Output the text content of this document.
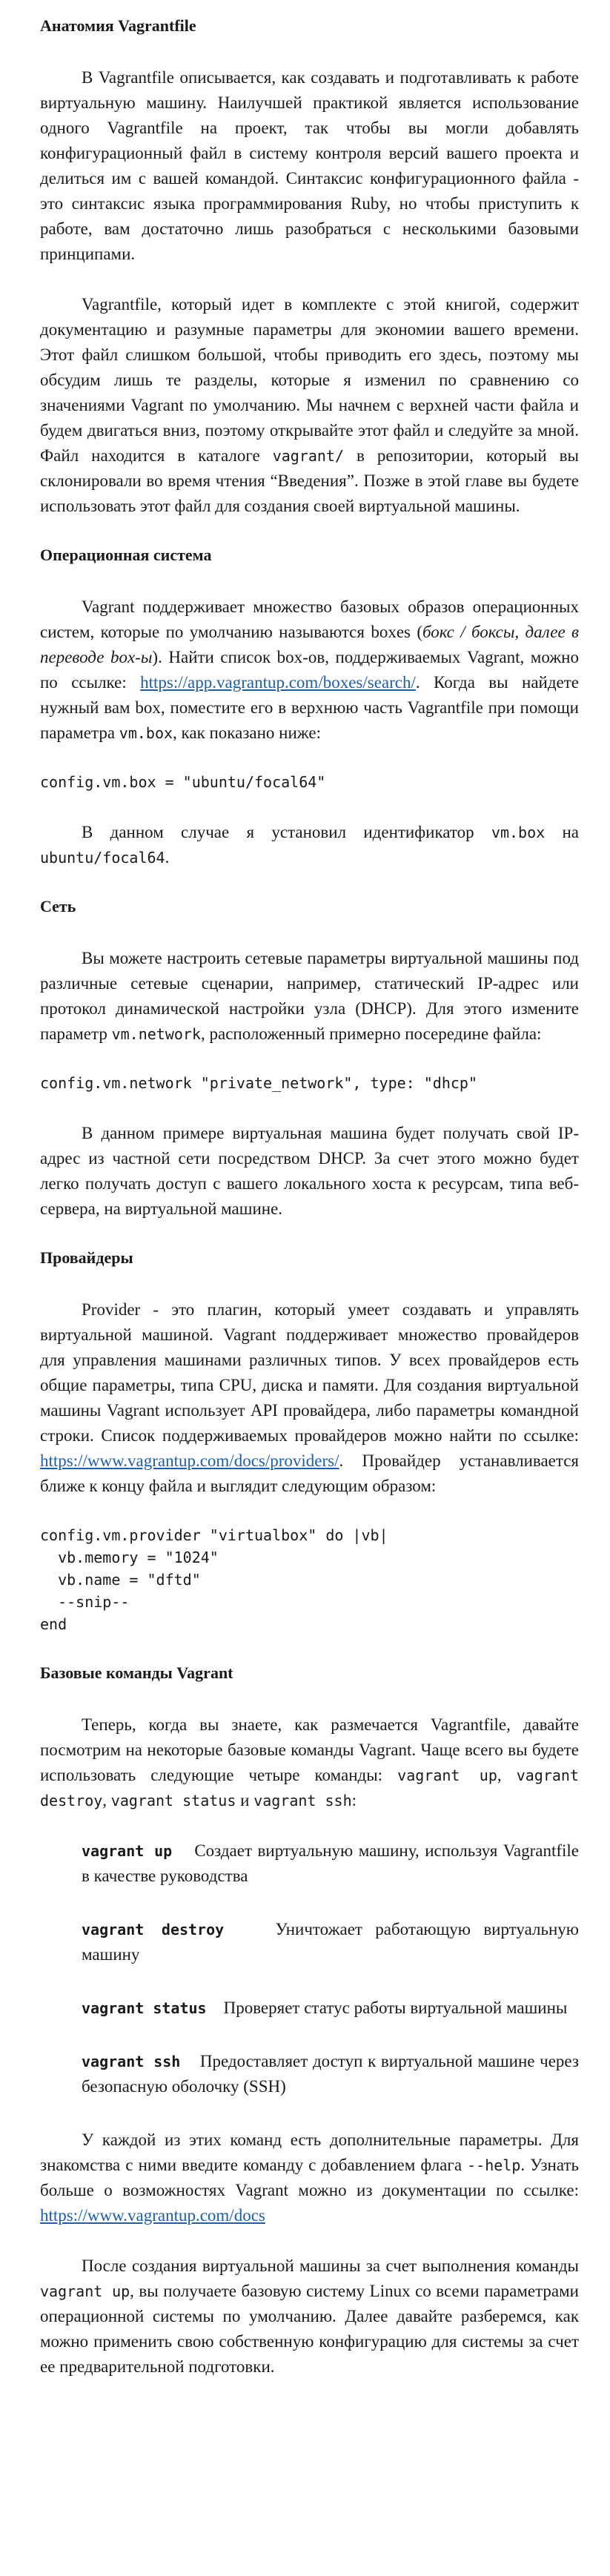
Анатомия Vagrantfile

В Vagrantfile описывается, как создавать и подготавливать к работе виртуальную машину. Наилучшей практикой является использование одного Vagrantfile на проект, так чтобы вы могли добавлять конфигурационный файл в систему контроля версий вашего проекта и делиться им с вашей командой. Синтаксис конфигурационного файла - это синтаксис языка программирования Ruby, но чтобы приступить к работе, вам достаточно лишь разобраться с несколькими базовыми принципами.

Vagrantfile, который идет в комплекте с этой книгой, содержит документацию и разумные параметры для экономии вашего времени. Этот файл слишком большой, чтобы приводить его здесь, поэтому мы обсудим лишь те разделы, которые я изменил по сравнению со значениями Vagrant по умолчанию. Мы начнем с верхней части файла и будем двигаться вниз, поэтому открывайте этот файл и следуйте за мной. Файл находится в каталоге vagrant/ в репозитории, который вы склонировали во время чтения “Введения”. Позже в этой главе вы будете использовать этот файл для создания своей виртуальной машины.

Операционная система

Vagrant поддерживает множество базовых образов операционных систем, которые по умолчанию называются boxes (бокс / боксы, далее в переводе box-ы). Найти список box-ов, поддерживаемых Vagrant, можно по ссылке: https://app.vagrantup.com/boxes/search/. Когда вы найдете нужный вам box, поместите его в верхнюю часть Vagrantfile при помощи параметра vm.box, как показано ниже:

config.vm.box = "ubuntu/focal64"

В данном случае я установил идентификатор vm.box на ubuntu/focal64.

Сеть

Вы можете настроить сетевые параметры виртуальной машины под различные сетевые сценарии, например, статический IP-адрес или протокол динамической настройки узла (DHCP). Для этого измените параметр vm.network, расположенный примерно посередине файла:

config.vm.network "private_network", type: "dhcp"

В данном примере виртуальная машина будет получать свой IP-адрес из частной сети посредством DHCP. За счет этого можно будет легко получать доступ с вашего локального хоста к ресурсам, типа веб-сервера, на виртуальной машине.

Провайдеры

Provider - это плагин, который умеет создавать и управлять виртуальной машиной. Vagrant поддерживает множество провайдеров для управления машинами различных типов. У всех провайдеров есть общие параметры, типа CPU, диска и памяти. Для создания виртуальной машины Vagrant использует API провайдера, либо параметры командной строки. Список поддерживаемых провайдеров можно найти по ссылке: https://www.vagrantup.com/docs/providers/. Провайдер устанавливается ближе к концу файла и выглядит следующим образом:

config.vm.provider "virtualbox" do |vb|
vb.memory = "1024"
vb.name = "dftd"
--snip--
end
Базовые команды Vagrant

Теперь, когда вы знаете, как размечается Vagrantfile, давайте посмотрим на некоторые базовые команды Vagrant. Чаще всего вы будете использовать следующие четыре команды: vagrant up, vagrant destroy, vagrant status и vagrant ssh:

vagrant up Создает виртуальную машину, используя Vagrantfile в качестве руководства
vagrant destroy	Уничтожает работающую виртуальную машину
vagrant status Проверяет статус работы виртуальной машины
vagrant ssh Предоставляет доступ к виртуальной машине через безопасную оболочку (SSH)

У каждой из этих команд есть дополнительные параметры. Для знакомства с ними введите команду с добавлением флага --help. Узнать больше о возможностях Vagrant можно из документации по ссылке: https://www.vagrantup.com/docs

После создания виртуальной машины за счет выполнения команды vagrant up, вы получаете базовую систему Linux со всеми параметрами операционной системы по умолчанию. Далее давайте разберемся, как можно применить свою собственную конфигурацию для системы за счет ее предварительной подготовки.
